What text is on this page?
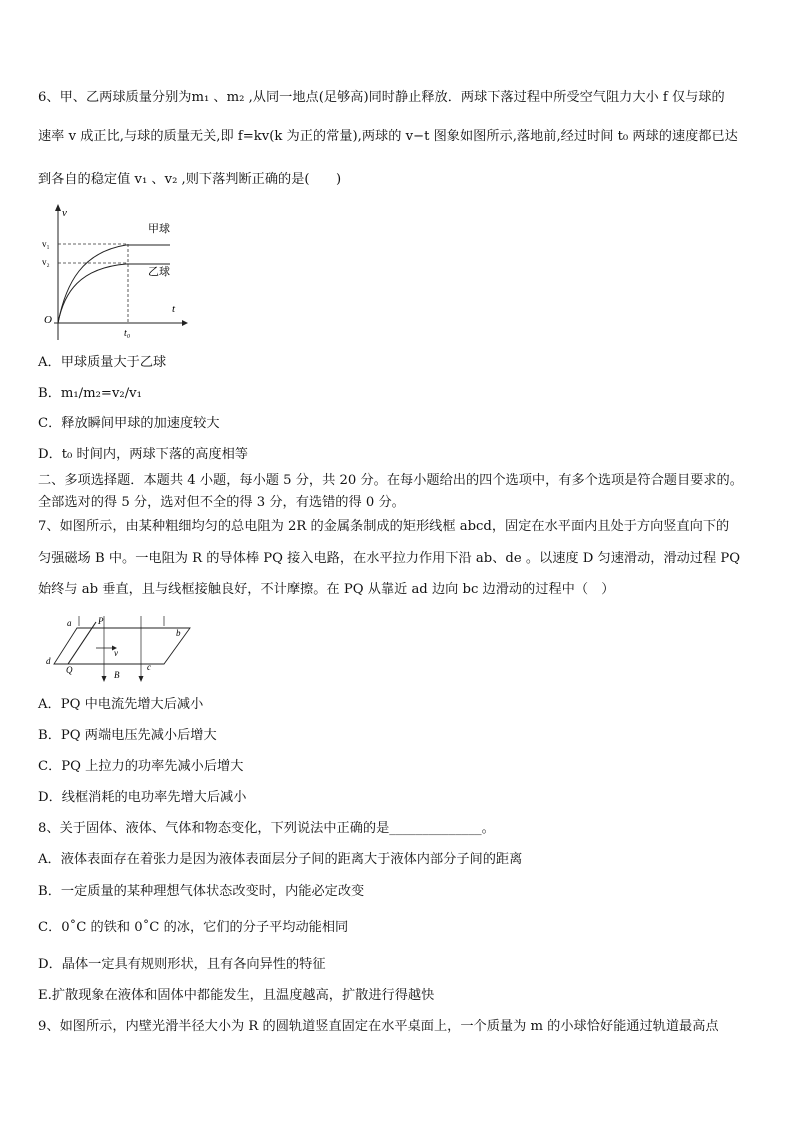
6、甲、乙两球质量分别为m₁ 、m₂ ,从同一地点(足够高)同时静止释放．两球下落过程中所受空气阻力大小 f 仅与球的
速率 v 成正比,与球的质量无关,即 f=kv(k 为正的常量),两球的 v−t 图象如图所示,落地前,经过时间 t₀ 两球的速度都已达
到各自的稳定值 v₁ 、v₂ ,则下落判断正确的是(　　)
v
t
O
v₁
v₂
t₀
甲球
乙球
A．甲球质量大于乙球
B．m₁/m₂=v₂/v₁
C．释放瞬间甲球的加速度较大
D．t₀ 时间内，两球下落的高度相等
二、多项选择题．本题共 4 小题，每小题 5 分，共 20 分。在每小题给出的四个选项中，有多个选项是符合题目要求的。
全部选对的得 5 分，选对但不全的得 3 分，有选错的得 0 分。
7、如图所示，由某种粗细均匀的总电阻为 2R 的金属条制成的矩形线框 abcd，固定在水平面内且处于方向竖直向下的
匀强磁场 B 中。一电阻为 R 的导体棒 PQ 接入电路，在水平拉力作用下沿 ab、de 。以速度 D 匀速滑动，滑动过程 PQ
始终与 ab 垂直，且与线框接触良好，不计摩擦。在 PQ 从靠近 ad 边向 bc 边滑动的过程中（　）
a
b
c
d
P
Q
v
B
A．PQ 中电流先增大后减小
B．PQ 两端电压先减小后增大
C．PQ 上拉力的功率先减小后增大
D．线框消耗的电功率先增大后减小
8、关于固体、液体、气体和物态变化，下列说法中正确的是______________。
A．液体表面存在着张力是因为液体表面层分子间的距离大于液体内部分子间的距离
B．一定质量的某种理想气体状态改变时，内能必定改变
C．0˚C 的铁和 0˚C 的冰，它们的分子平均动能相同
D．晶体一定具有规则形状，且有各向异性的特征
E.扩散现象在液体和固体中都能发生，且温度越高，扩散进行得越快
9、如图所示，内壁光滑半径大小为 R 的圆轨道竖直固定在水平桌面上，一个质量为 m 的小球恰好能通过轨道最高点
